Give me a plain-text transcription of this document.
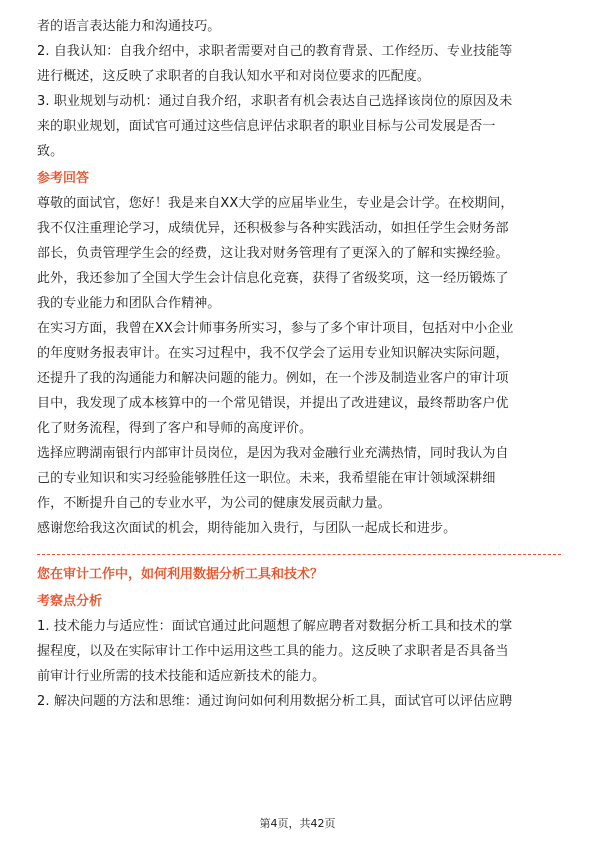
者的语言表达能力和沟通技巧。
2. 自我认知：自我介绍中，求职者需要对自己的教育背景、工作经历、专业技能等
进行概述，这反映了求职者的自我认知水平和对岗位要求的匹配度。
3. 职业规划与动机：通过自我介绍，求职者有机会表达自己选择该岗位的原因及未
来的职业规划，面试官可通过这些信息评估求职者的职业目标与公司发展是否一
致。
参考回答
尊敬的面试官，您好！我是来自XX大学的应届毕业生，专业是会计学。在校期间，
我不仅注重理论学习，成绩优异，还积极参与各种实践活动，如担任学生会财务部
部长，负责管理学生会的经费，这让我对财务管理有了更深入的了解和实操经验。
此外，我还参加了全国大学生会计信息化竞赛，获得了省级奖项，这一经历锻炼了
我的专业能力和团队合作精神。
在实习方面，我曾在XX会计师事务所实习，参与了多个审计项目，包括对中小企业
的年度财务报表审计。在实习过程中，我不仅学会了运用专业知识解决实际问题，
还提升了我的沟通能力和解决问题的能力。例如，在一个涉及制造业客户的审计项
目中，我发现了成本核算中的一个常见错误，并提出了改进建议，最终帮助客户优
化了财务流程，得到了客户和导师的高度评价。
选择应聘湖南银行内部审计员岗位，是因为我对金融行业充满热情，同时我认为自
己的专业知识和实习经验能够胜任这一职位。未来，我希望能在审计领域深耕细
作，不断提升自己的专业水平，为公司的健康发展贡献力量。
感谢您给我这次面试的机会，期待能加入贵行，与团队一起成长和进步。
您在审计工作中，如何利用数据分析工具和技术？
考察点分析
1. 技术能力与适应性：面试官通过此问题想了解应聘者对数据分析工具和技术的掌
握程度，以及在实际审计工作中运用这些工具的能力。这反映了求职者是否具备当
前审计行业所需的技术技能和适应新技术的能力。
2. 解决问题的方法和思维：通过询问如何利用数据分析工具，面试官可以评估应聘
第4页，共42页
